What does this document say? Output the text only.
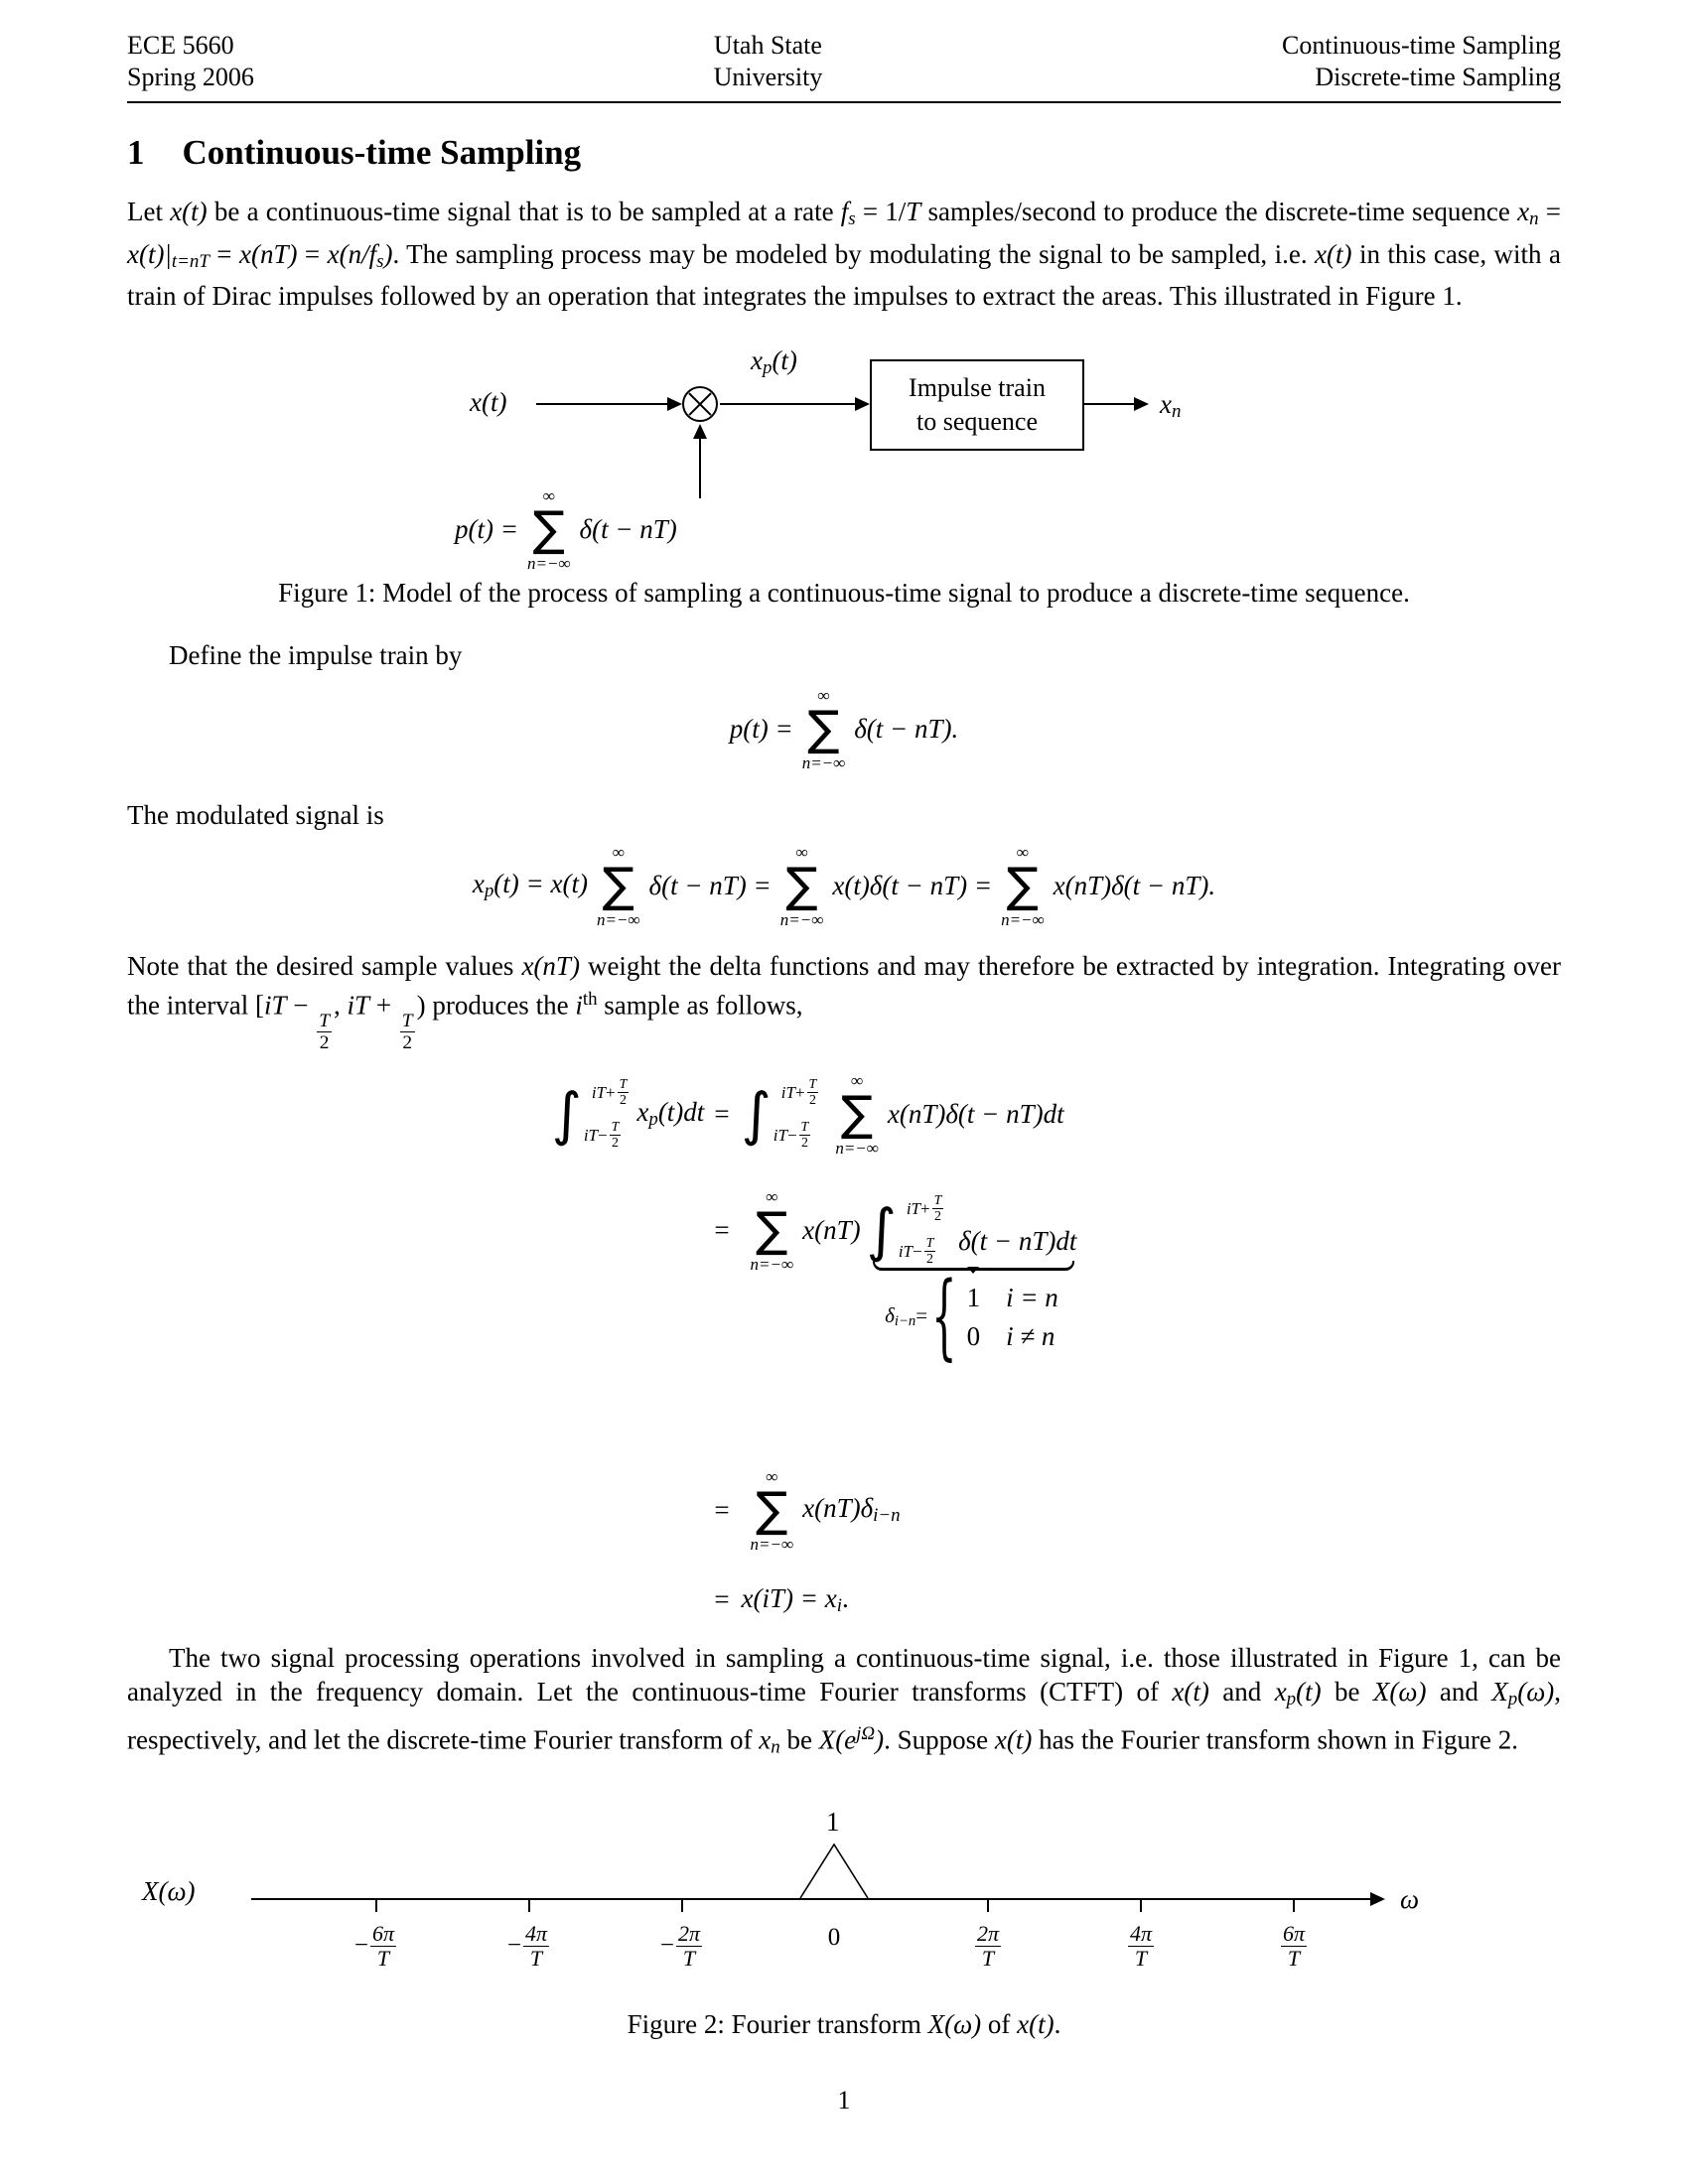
ECE 5660
Spring 2006
Utah State
University
Continuous-time Sampling
Discrete-time Sampling
1 Continuous-time Sampling

Let x(t) be a continuous-time signal that is to be sampled at a rate fs = 1/T samples/second to produce the discrete-time sequence xn = x(t)|t=nT = x(nT) = x(n/fs). The sampling process may be modeled by modulating the signal to be sampled, i.e. x(t) in this case, with a train of Dirac impulses followed by an operation that integrates the impulses to extract the areas. This illustrated in Figure 1.

x(t)
xp(t)
Impulse train
to sequence
xn
p(t) =
∞
∑
n=−∞
δ(t − nT)
Figure 1: Model of the process of sampling a continuous-time signal to produce a discrete-time sequence.

Define the impulse train by

p(t) =
∞
∑
n=−∞
δ(t − nT).

The modulated signal is

xp(t) = x(t)
∞
∑
n=−∞
δ(t − nT) =
∞
∑
n=−∞
x(t)δ(t − nT) =
∞
∑
n=−∞
x(nT)δ(t − nT).

Note that the desired sample values x(nT) weight the delta functions and may therefore be extracted by integration. Integrating over the interval [iT −
$\frac{T}{2}$
, iT +
$\frac{T}{2}$
) produces the $i^{th}$ sample as follows,

∫ iT + $\frac{T}{2}$
iT − $\frac{T}{2}$
xp(t)dt = ∫ iT + $\frac{T}{2}$
iT − $\frac{T}{2}$
∞
∑
n=−∞
x(nT)δ(t − nT)dt
=
∞
∑
n=−∞
x(nT) ∫ iT + $\frac{T}{2}$
iT − $\frac{T}{2} \delta(t - nT)dt$
δi−n= { 1 i = n
0 i ≠ n
=
∞
∑
n=−∞
x(nT)δi−n
= x(iT) = xi.

The two signal processing operations involved in sampling a continuous-time signal, i.e. those illustrated in Figure 1, can be analyzed in the frequency domain. Let the continuous-time Fourier transforms (CTFT) of x(t) and xp(t) be X(ω) and Xp(ω), respectively, and let the discrete-time Fourier transform of xn be $X(e^{j\Omega})$. Suppose x(t) has the Fourier transform shown in Figure 2.

X(ω)	ω
1
− $\frac{6\pi}{T}$	− $\frac{4\pi}{T}$	− $\frac{2\pi}{T}$	0	2π
T
4π
T
6π
T
Figure 2: Fourier transform X(ω) of x(t).
1
